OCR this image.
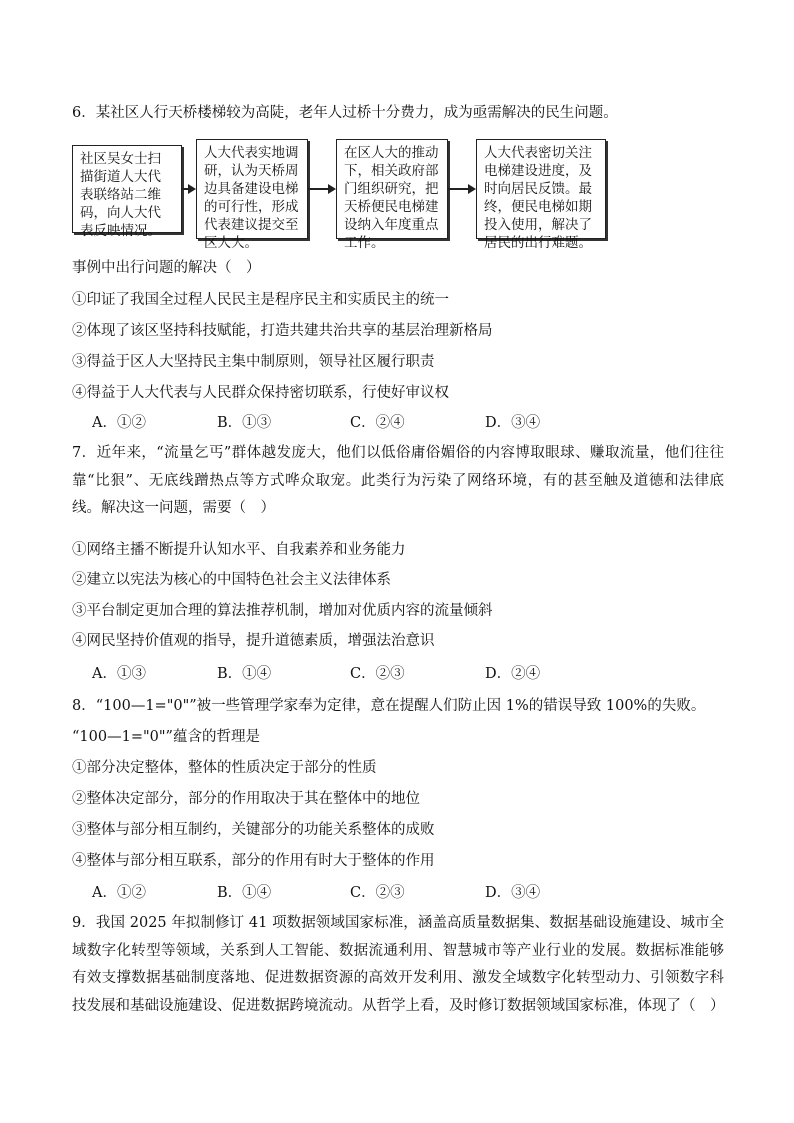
6．某社区人行天桥楼梯较为高陡，老年人过桥十分费力，成为亟需解决的民生问题。
社区吴女士扫描街道人大代表联络站二维码，向人大代表反映情况。
人大代表实地调研，认为天桥周边具备建设电梯的可行性，形成代表建议提交至区人大。
在区人大的推动下，相关政府部门组织研究，把天桥便民电梯建设纳入年度重点工作。
人大代表密切关注电梯建设进度，及时向居民反馈。最终，便民电梯如期投入使用，解决了居民的出行难题。
事例中出行问题的解决（　）
①印证了我国全过程人民民主是程序民主和实质民主的统一
②体现了该区坚持科技赋能，打造共建共治共享的基层治理新格局
③得益于区人大坚持民主集中制原则，领导社区履行职责
④得益于人大代表与人民群众保持密切联系，行使好审议权
A．①②	B．①③	C．②④	D．③④
7．近年来，“流量乞丐”群体越发庞大，他们以低俗庸俗媚俗的内容博取眼球、赚取流量，他们往往靠“比狠”、无底线蹭热点等方式哗众取宠。此类行为污染了网络环境，有的甚至触及道德和法律底线。解决这一问题，需要（　）
①网络主播不断提升认知水平、自我素养和业务能力
②建立以宪法为核心的中国特色社会主义法律体系
③平台制定更加合理的算法推荐机制，增加对优质内容的流量倾斜
④网民坚持价值观的指导，提升道德素质，增强法治意识
A．①③	B．①④	C．②③	D．②④
8．“100—1="0"”被一些管理学家奉为定律，意在提醒人们防止因 1%的错误导致 100%的失败。
“100—1="0"”蕴含的哲理是
①部分决定整体，整体的性质决定于部分的性质
②整体决定部分，部分的作用取决于其在整体中的地位
③整体与部分相互制约，关键部分的功能关系整体的成败
④整体与部分相互联系，部分的作用有时大于整体的作用
A．①②	B．①④	C．②③	D．③④
9．我国 2025 年拟制修订 41 项数据领域国家标准，涵盖高质量数据集、数据基础设施建设、城市全域数字化转型等领域，关系到人工智能、数据流通利用、智慧城市等产业行业的发展。数据标准能够有效支撑数据基础制度落地、促进数据资源的高效开发利用、激发全域数字化转型动力、引领数字科技发展和基础设施建设、促进数据跨境流动。从哲学上看，及时修订数据领域国家标准，体现了（　）
